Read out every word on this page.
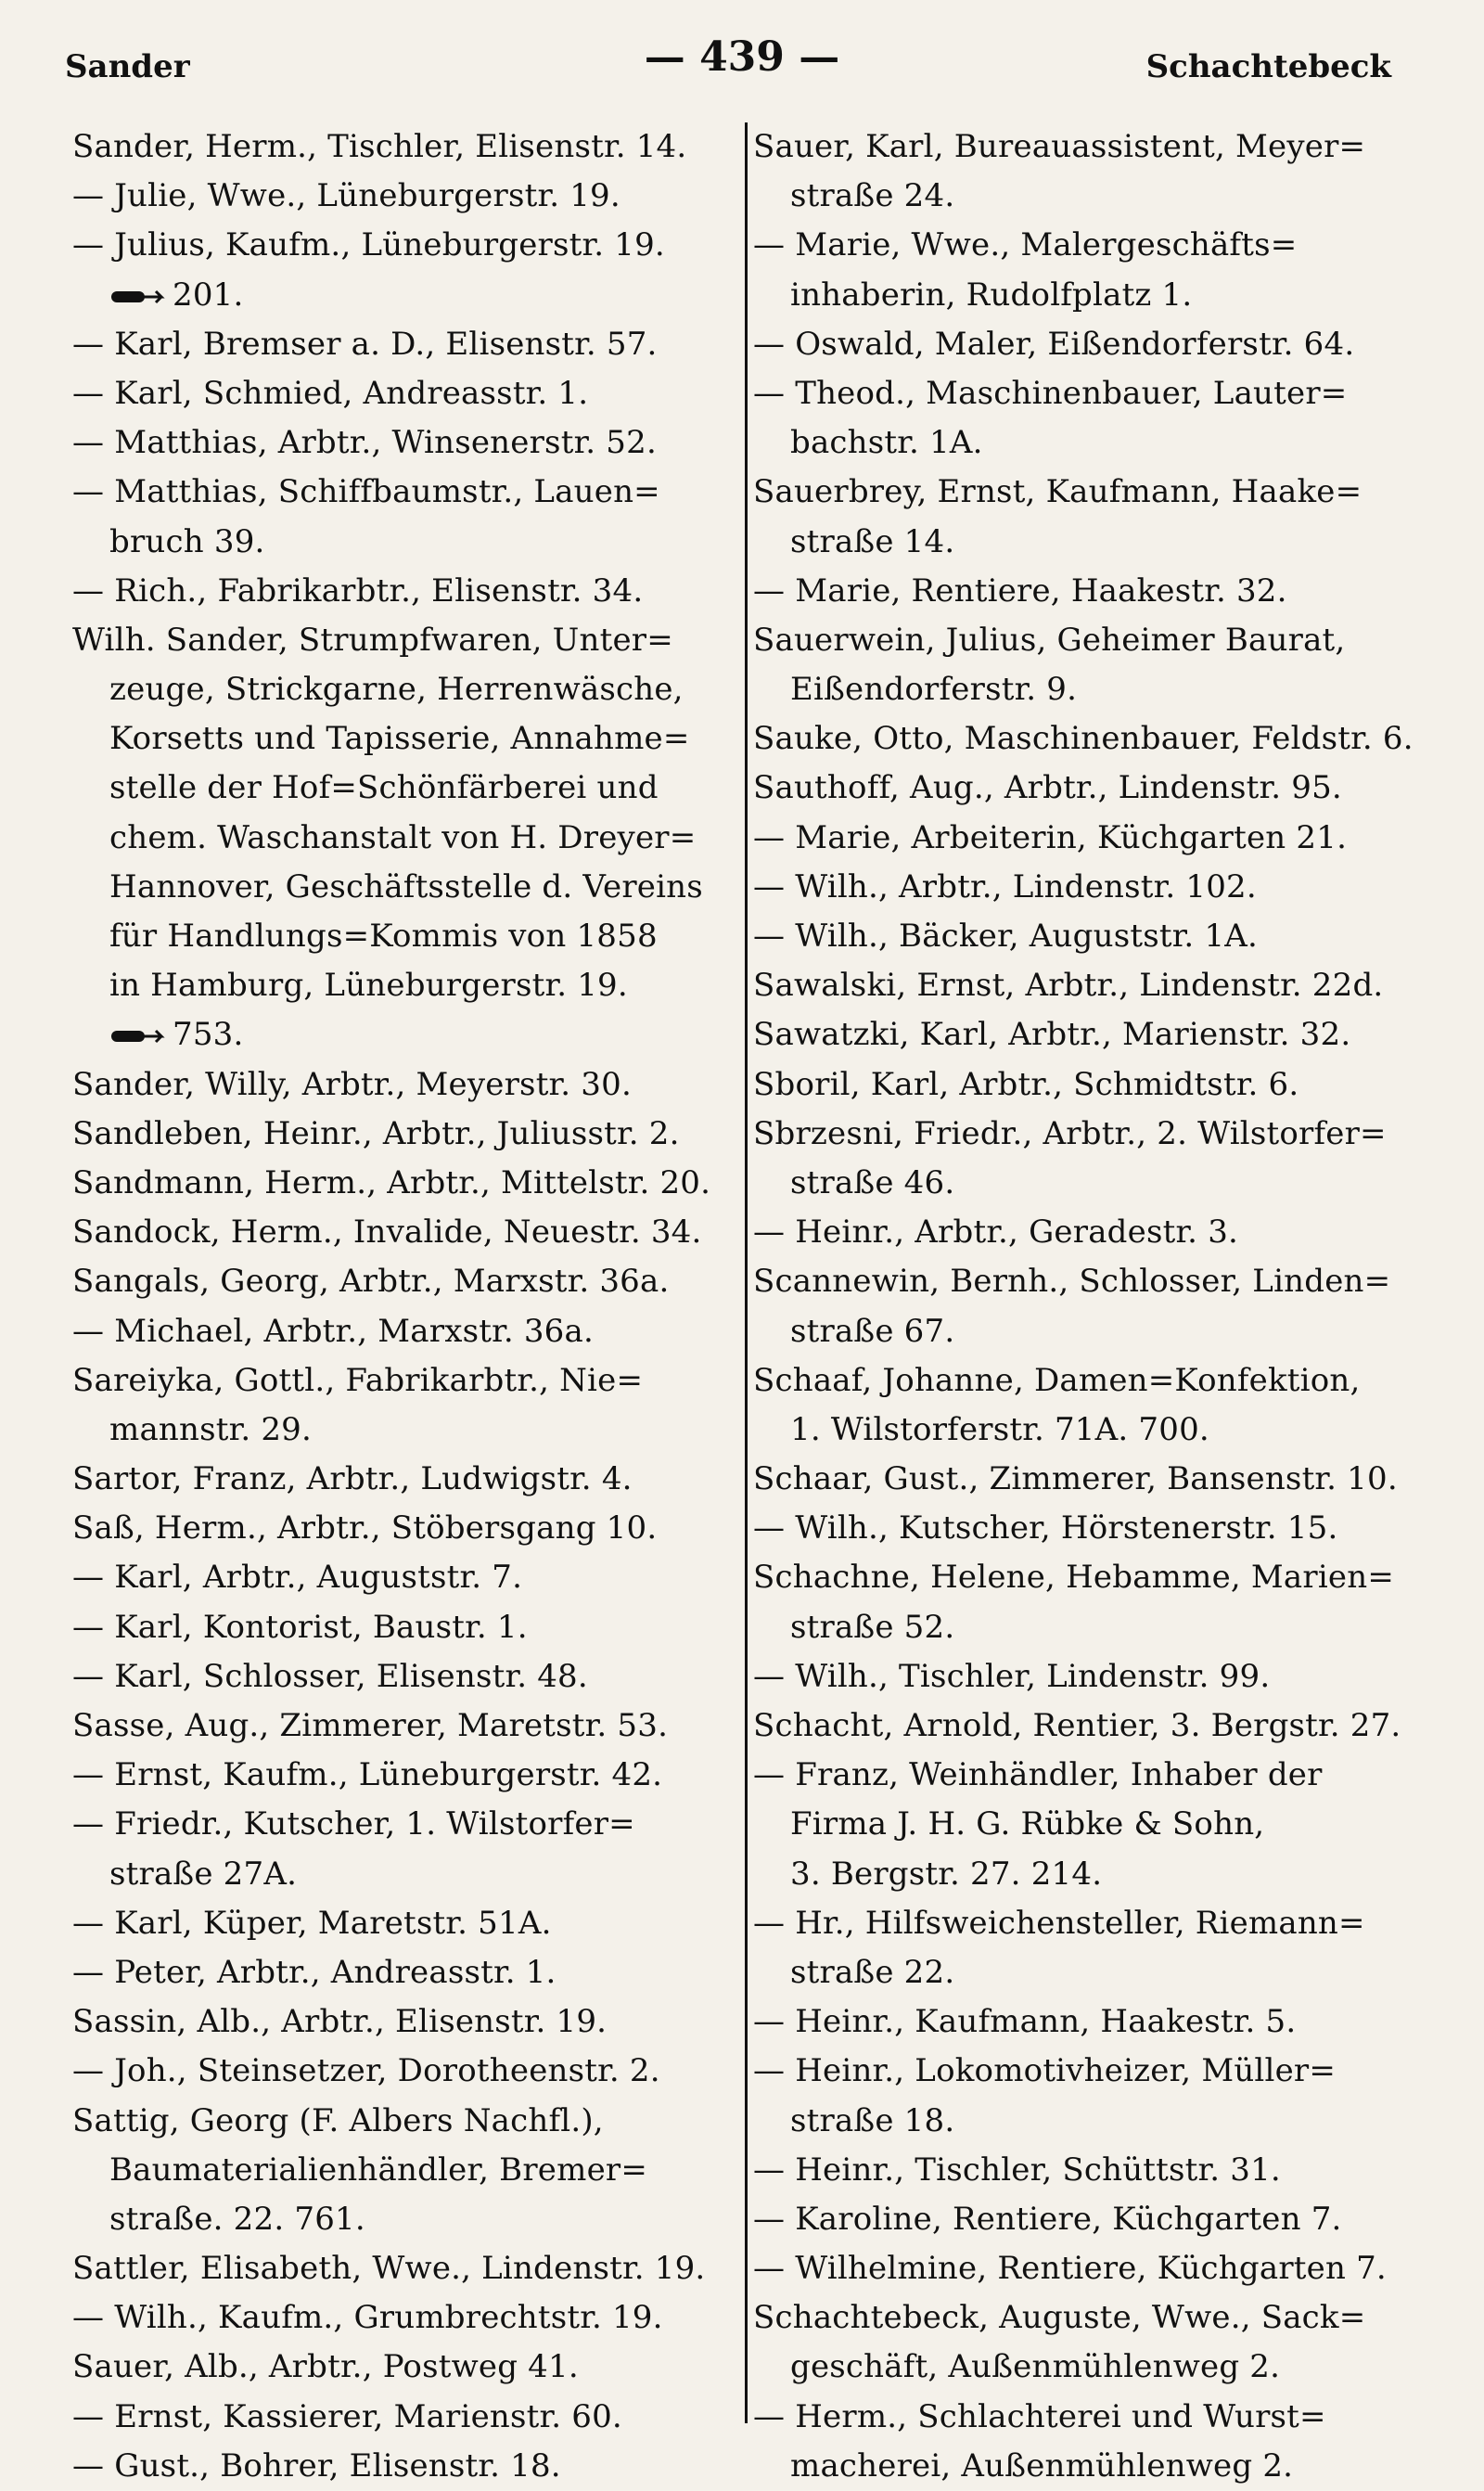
Sander	— 439 —	Schachtebeck
Sander, Herm., Tischler, Elisenstr. 14.
— Julie, Wwe., Lüneburgerstr. 19.
— Julius, Kaufm., Lüneburgerstr. 19.
201.
— Karl, Bremser a. D., Elisenstr. 57.
— Karl, Schmied, Andreasstr. 1.
— Matthias, Arbtr., Winsenerstr. 52.
— Matthias, Schiffbaumstr., Lauen=
bruch 39.
— Rich., Fabrikarbtr., Elisenstr. 34.
Wilh. Sander, Strumpfwaren, Unter=
zeuge, Strickgarne, Herrenwäsche,
Korsetts und Tapisserie, Annahme=
stelle der Hof=Schönfärberei und
chem. Waschanstalt von H. Dreyer=
Hannover, Geschäftsstelle d. Vereins
für Handlungs=Kommis von 1858
in Hamburg, Lüneburgerstr. 19.
753.
Sander, Willy, Arbtr., Meyerstr. 30.
Sandleben, Heinr., Arbtr., Juliusstr. 2.
Sandmann, Herm., Arbtr., Mittelstr. 20.
Sandock, Herm., Invalide, Neuestr. 34.
Sangals, Georg, Arbtr., Marxstr. 36a.
— Michael, Arbtr., Marxstr. 36a.
Sareiyka, Gottl., Fabrikarbtr., Nie=
mannstr. 29.
Sartor, Franz, Arbtr., Ludwigstr. 4.
Saß, Herm., Arbtr., Stöbersgang 10.
— Karl, Arbtr., Auguststr. 7.
— Karl, Kontorist, Baustr. 1.
— Karl, Schlosser, Elisenstr. 48.
Sasse, Aug., Zimmerer, Maretstr. 53.
— Ernst, Kaufm., Lüneburgerstr. 42.
— Friedr., Kutscher, 1. Wilstorfer=
straße 27A.
— Karl, Küper, Maretstr. 51A.
— Peter, Arbtr., Andreasstr. 1.
Sassin, Alb., Arbtr., Elisenstr. 19.
— Joh., Steinsetzer, Dorotheenstr. 2.
Sattig, Georg (F. Albers Nachfl.),
Baumaterialienhändler, Bremer=
straße. 22. 761.
Sattler, Elisabeth, Wwe., Lindenstr. 19.
— Wilh., Kaufm., Grumbrechtstr. 19.
Sauer, Alb., Arbtr., Postweg 41.
— Ernst, Kassierer, Marienstr. 60.
— Gust., Bohrer, Elisenstr. 18.
Sauer, Karl, Bureauassistent, Meyer=
straße 24.
— Marie, Wwe., Malergeschäfts=
inhaberin, Rudolfplatz 1.
— Oswald, Maler, Eißendorferstr. 64.
— Theod., Maschinenbauer, Lauter=
bachstr. 1A.
Sauerbrey, Ernst, Kaufmann, Haake=
straße 14.
— Marie, Rentiere, Haakestr. 32.
Sauerwein, Julius, Geheimer Baurat,
Eißendorferstr. 9.
Sauke, Otto, Maschinenbauer, Feldstr. 6.
Sauthoff, Aug., Arbtr., Lindenstr. 95.
— Marie, Arbeiterin, Küchgarten 21.
— Wilh., Arbtr., Lindenstr. 102.
— Wilh., Bäcker, Auguststr. 1A.
Sawalski, Ernst, Arbtr., Lindenstr. 22d.
Sawatzki, Karl, Arbtr., Marienstr. 32.
Sboril, Karl, Arbtr., Schmidtstr. 6.
Sbrzesni, Friedr., Arbtr., 2. Wilstorfer=
straße 46.
— Heinr., Arbtr., Geradestr. 3.
Scannewin, Bernh., Schlosser, Linden=
straße 67.
Schaaf, Johanne, Damen=Konfektion,
1. Wilstorferstr. 71A. 700.
Schaar, Gust., Zimmerer, Bansenstr. 10.
— Wilh., Kutscher, Hörstenerstr. 15.
Schachne, Helene, Hebamme, Marien=
straße 52.
— Wilh., Tischler, Lindenstr. 99.
Schacht, Arnold, Rentier, 3. Bergstr. 27.
— Franz, Weinhändler, Inhaber der
Firma J. H. G. Rübke & Sohn,
3. Bergstr. 27. 214.
— Hr., Hilfsweichensteller, Riemann=
straße 22.
— Heinr., Kaufmann, Haakestr. 5.
— Heinr., Lokomotivheizer, Müller=
straße 18.
— Heinr., Tischler, Schüttstr. 31.
— Karoline, Rentiere, Küchgarten 7.
— Wilhelmine, Rentiere, Küchgarten 7.
Schachtebeck, Auguste, Wwe., Sack=
geschäft, Außenmühlenweg 2.
— Herm., Schlachterei und Wurst=
macherei, Außenmühlenweg 2.
